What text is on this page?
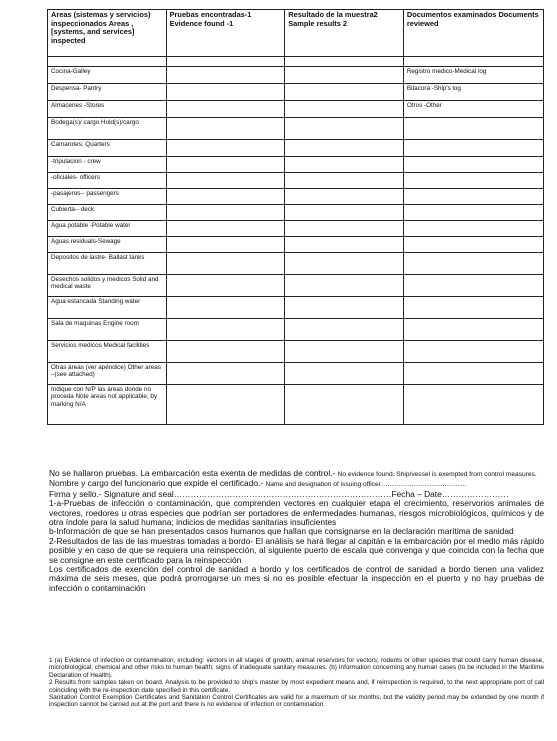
Areas (sistemas y servicios) inspeccionados Areas , [systems, and services] inspected	Pruebas encontradas-1 Evidence found -1	Resultado de la muestra2 Sample results 2	Documentos examinados Documents reviewed

Cocina-Galley			Registro medico-Medical log
Despensa- Pantry			Bitacora -Ship's log
Almacenes -Stores			Otros -Other
Bodega(s)/ cargo Hold(s)/cargo			
Camarotes: Quarters			
-tripulacion - crew			
-oficiales- officers			
-pasajeros-- passengers			
Cubierta-- deck			
Agua potable -Potable water			
Aguas residuals-Sewage			
Depositos de lastre- Ballast tanks			
Desechos solidos y medicos Solid and medical waste			
Agua estancada Standing water			
Sala de maquinas Engine room			
Servicios medicos Medical facilities			
Otras áreas (ver apéndice) Other areas –(see attached)			
Indique con N/P las áreas donde no proceda Note areas not applicable, by marking N/A			

No se hallaron pruebas. La embarcación esta exenta de medidas de control.- No evidence found. Ship/vessel is exempted from control measures.

Nombre y cargo del funcionario que expide el certificado.- Name and designation of issuing officer…………………………………

Firma y sello.- Signature and seal……………………………………………………………………Fecha – Date……………………

1-a-Pruebas de infección o contaminación, que comprenden vectores en cualquier etapa el crecimiento, reservorios animales de vectores, roedores u otras especies que podrían ser portadores de enfermedades humanas, riesgos microbiológicos, químicos y de otra índole para la salud humana; indicios de medidas sanitarias insuficientes

b-Información de que se han presentados casos humanos que hallan que consignarse en la declaración marítima de sanidad

2-Resultados de las de las muestras tomadas a bordo- El análisis se hará llegar al capitán e la embarcación por el medio más rápido posible y en caso de que se requiera una reinspección, al siguiente puerto de escala que convenga y que coincida con la fecha que se consigne en este certificado para la reinspección

Los certificados de exención del control de sanidad a bordo y los certificados de control de sanidad a bordo tienen una validez máxima de seis meses, que podrá prorrogarse un mes si no es posible efectuar la inspección en el puerto y no hay pruebas de infección o contaminación

1 (a) Evidence of infection or contamination, including: vectors in all stages of growth; animal reservoirs for vectors; rodents or other species that could carry human disease, microbiological, chemical and other risks to human health; signs of inadequate sanitary measures. (b) Information concerning any human cases (to be included in the Maritime Declaration of Health).

2 Results from samples taken on board. Analysis to be provided to ship's master by most expedient means and, if reinspection is required, to the next appropriate port of call coinciding with the re-inspection date specified in this certificate.

Sanitation Control Exemption Certificates and Sanitation Control Certificates are valid for a maximum of six months, but the validity period may be extended by one month if inspection cannot be carried out at the port and there is no evidence of infection or contamination.
